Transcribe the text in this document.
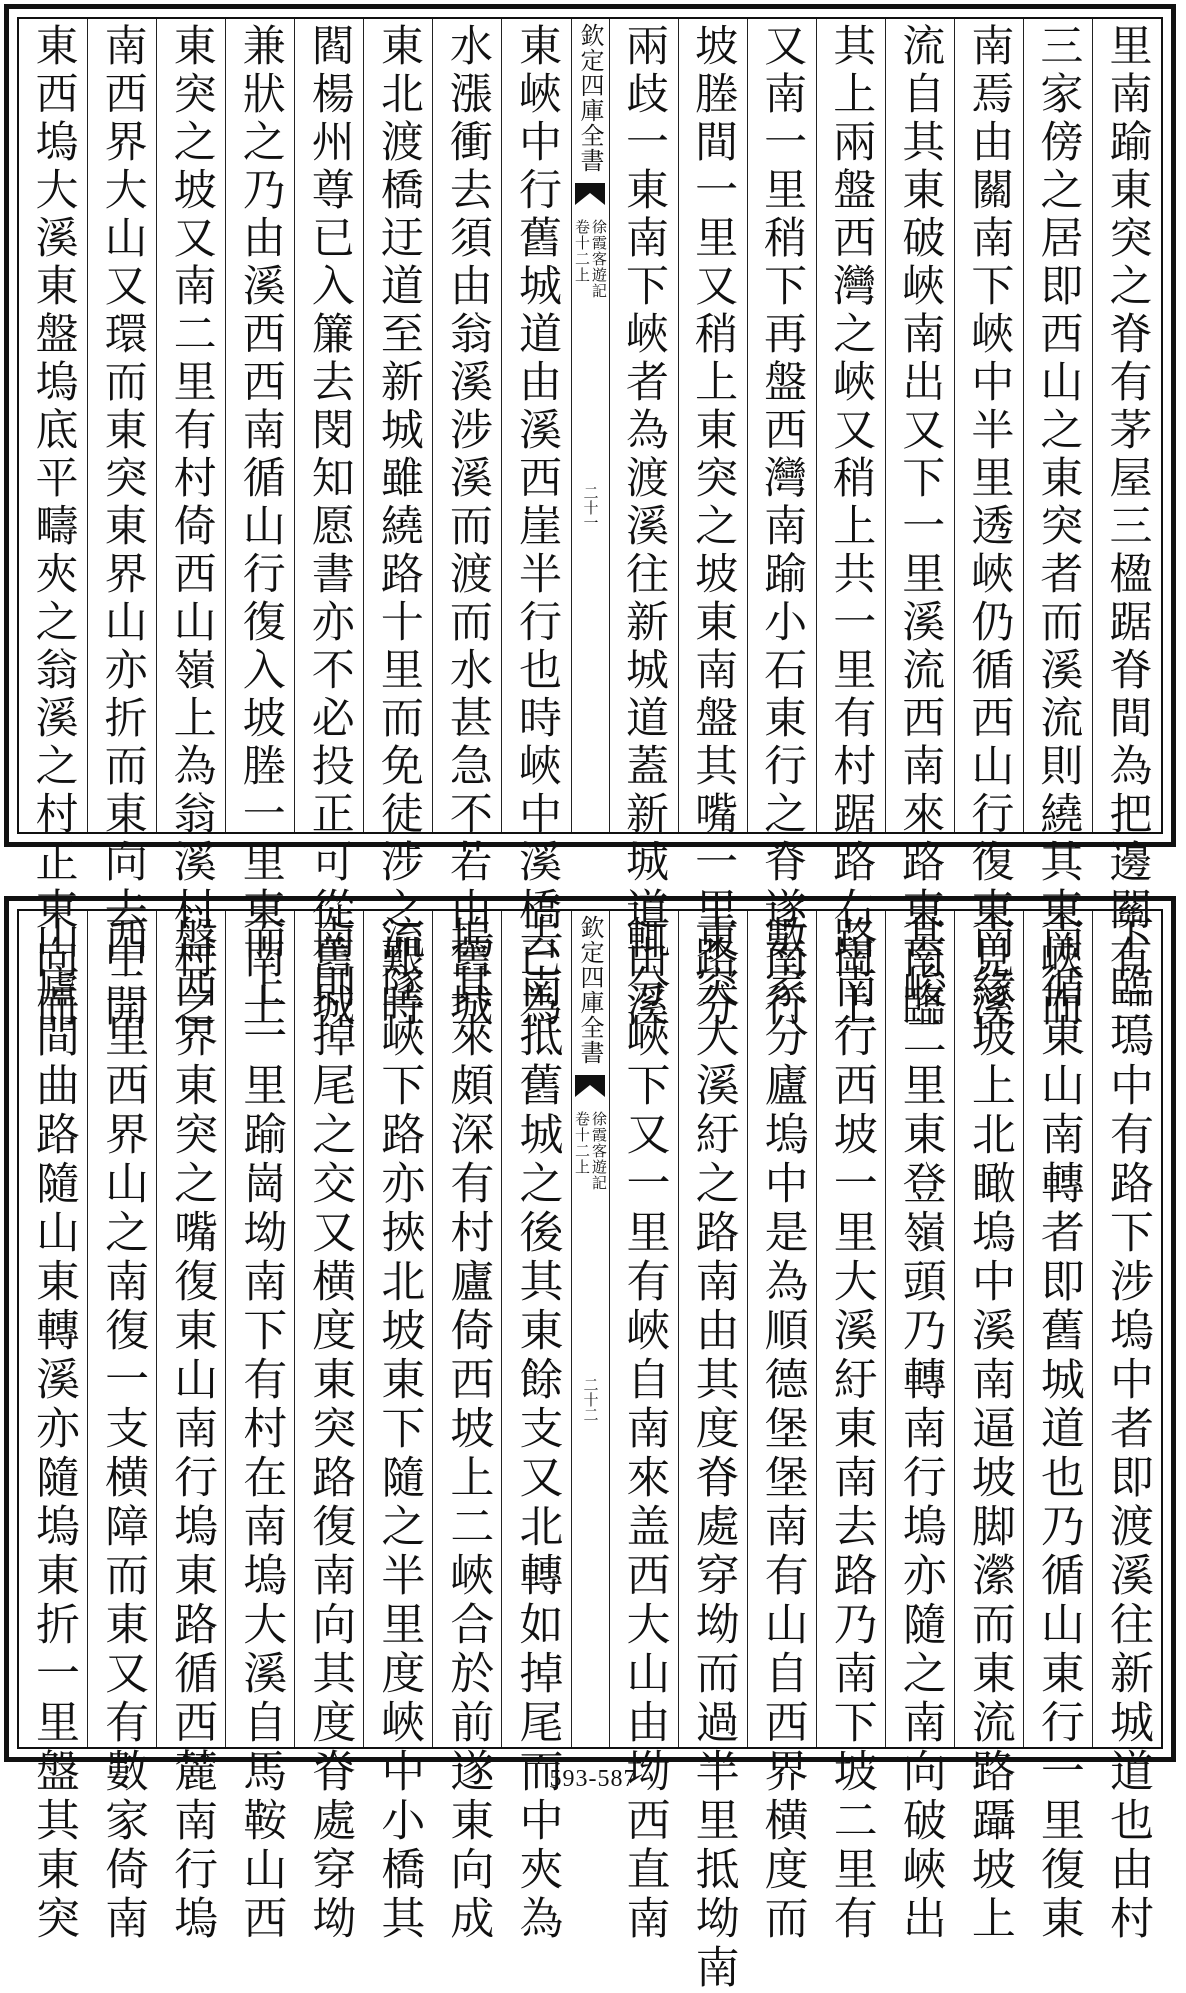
里南踰東突之脊有茅屋三楹踞脊間為把邊關有二
三家傍之居即西山之東突者而溪流則繞其東峽而
南焉由關南下峽中半里透峽仍循西山行復東見溪
流自其東破峽南出又下一里溪流西南來路東南臨
其上兩盤西灣之峽又稍上共一里有村踞路右崗上
又南一里稍下再盤西灣南踰小石東行之脊遂南行
坡塍間一里又稍上東突之坡東南盤其嘴一里路分
兩歧一東南下峽者為渡溪往新城道蓋新城道由溪
欽定四庫全書
徐霞客遊記
卷十二上
二十一
東峽中行舊城道由溪西崖半行也時峽中溪橋已為
水漲衝去須由翁溪涉溪而渡而水甚急不若由舊城
東北渡橋迂道至新城雖繞路十里而免徒涉之艱時
閻楊州尊已入簾去閔知愿書亦不必投正可從舊城
兼狀之乃由溪西西南循山行復入坡塍一里東南上
東突之坡又南二里有村倚西山嶺上為翁溪村村之
南西界大山又環而東突東界山亦折而東向去中開
東西塢大溪東盤塢底平疇夾之翁溪之村正東向而
下臨塢中有路下涉塢中者即渡溪往新城道也由村
南循東山南轉者即舊城道也乃循山東行一里復東
南緣坡上北瞰塢中溪南逼坡脚瀠而東流路躡坡上
甚峻二里東登嶺頭乃轉南行塢亦隨之南向破峽出
路南行西坡一里大溪紆東南去路乃南下坡二里有
數家分廬塢中是為順德堡堡南有山自西界横度而
東突大溪紆之路南由其度脊處穿坳而過半里抵坳南
輒分峽下又一里有峽自南來盖西大山由坳西直南
欽定四庫全書
徐霞客遊記
卷十二上
二十二
去南抵舊城之後其東餘支又北轉如掉尾而中夾為
塢其來頗深有村廬倚西坡上二峽合於前遂東向成
流墜峽下路亦挾北坡東下隨之半里度峽中小橋其
南則掉尾之交又横度東突路復南向其度脊處穿坳
而上一里踰崗坳南下有村在南塢大溪自馬鞍山西
盤西界東突之嘴復東山南行塢東路循西麓南行塢
西二里西界山之南復一支横障而東又有數家倚南
山廬間曲路隨山東轉溪亦隨塢東折一里盤其東突	593-587
